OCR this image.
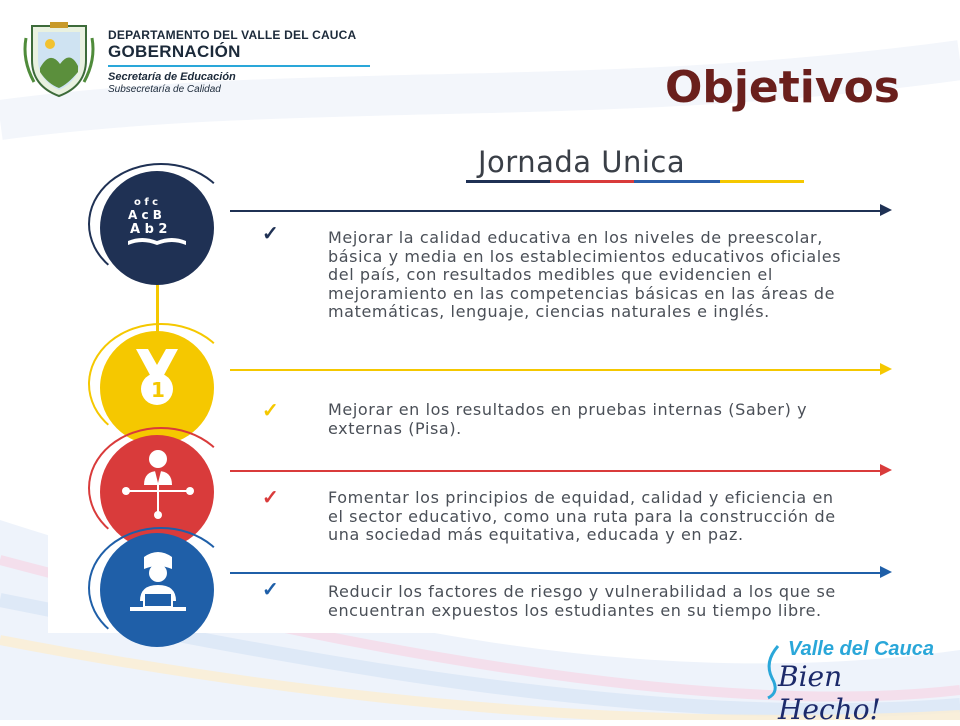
DEPARTAMENTO DEL VALLE DEL CAUCA
GOBERNACIÓN
Secretaría de Educación
Subsecretaría de Calidad	Objetivos
Jornada Unica
o f c
A c B
A b 2	✓	Mejorar la calidad educativa en los niveles de preescolar, básica y media en los establecimientos educativos oficiales del país, con resultados medibles que evidencien el mejoramiento en las competencias básicas en las áreas de matemáticas, lenguaje, ciencias naturales e inglés.
1
✓	Mejorar en los resultados en pruebas internas (Saber) y externas (Pisa).
✓	Fomentar los principios de equidad, calidad y eficiencia en el sector educativo, como una ruta para la construcción de una sociedad más equitativa, educada y en paz.
✓	Reducir los factores de riesgo y vulnerabilidad a los que se encuentran expuestos los estudiantes en su tiempo libre.
Valle del Cauca
Bien Hecho!
